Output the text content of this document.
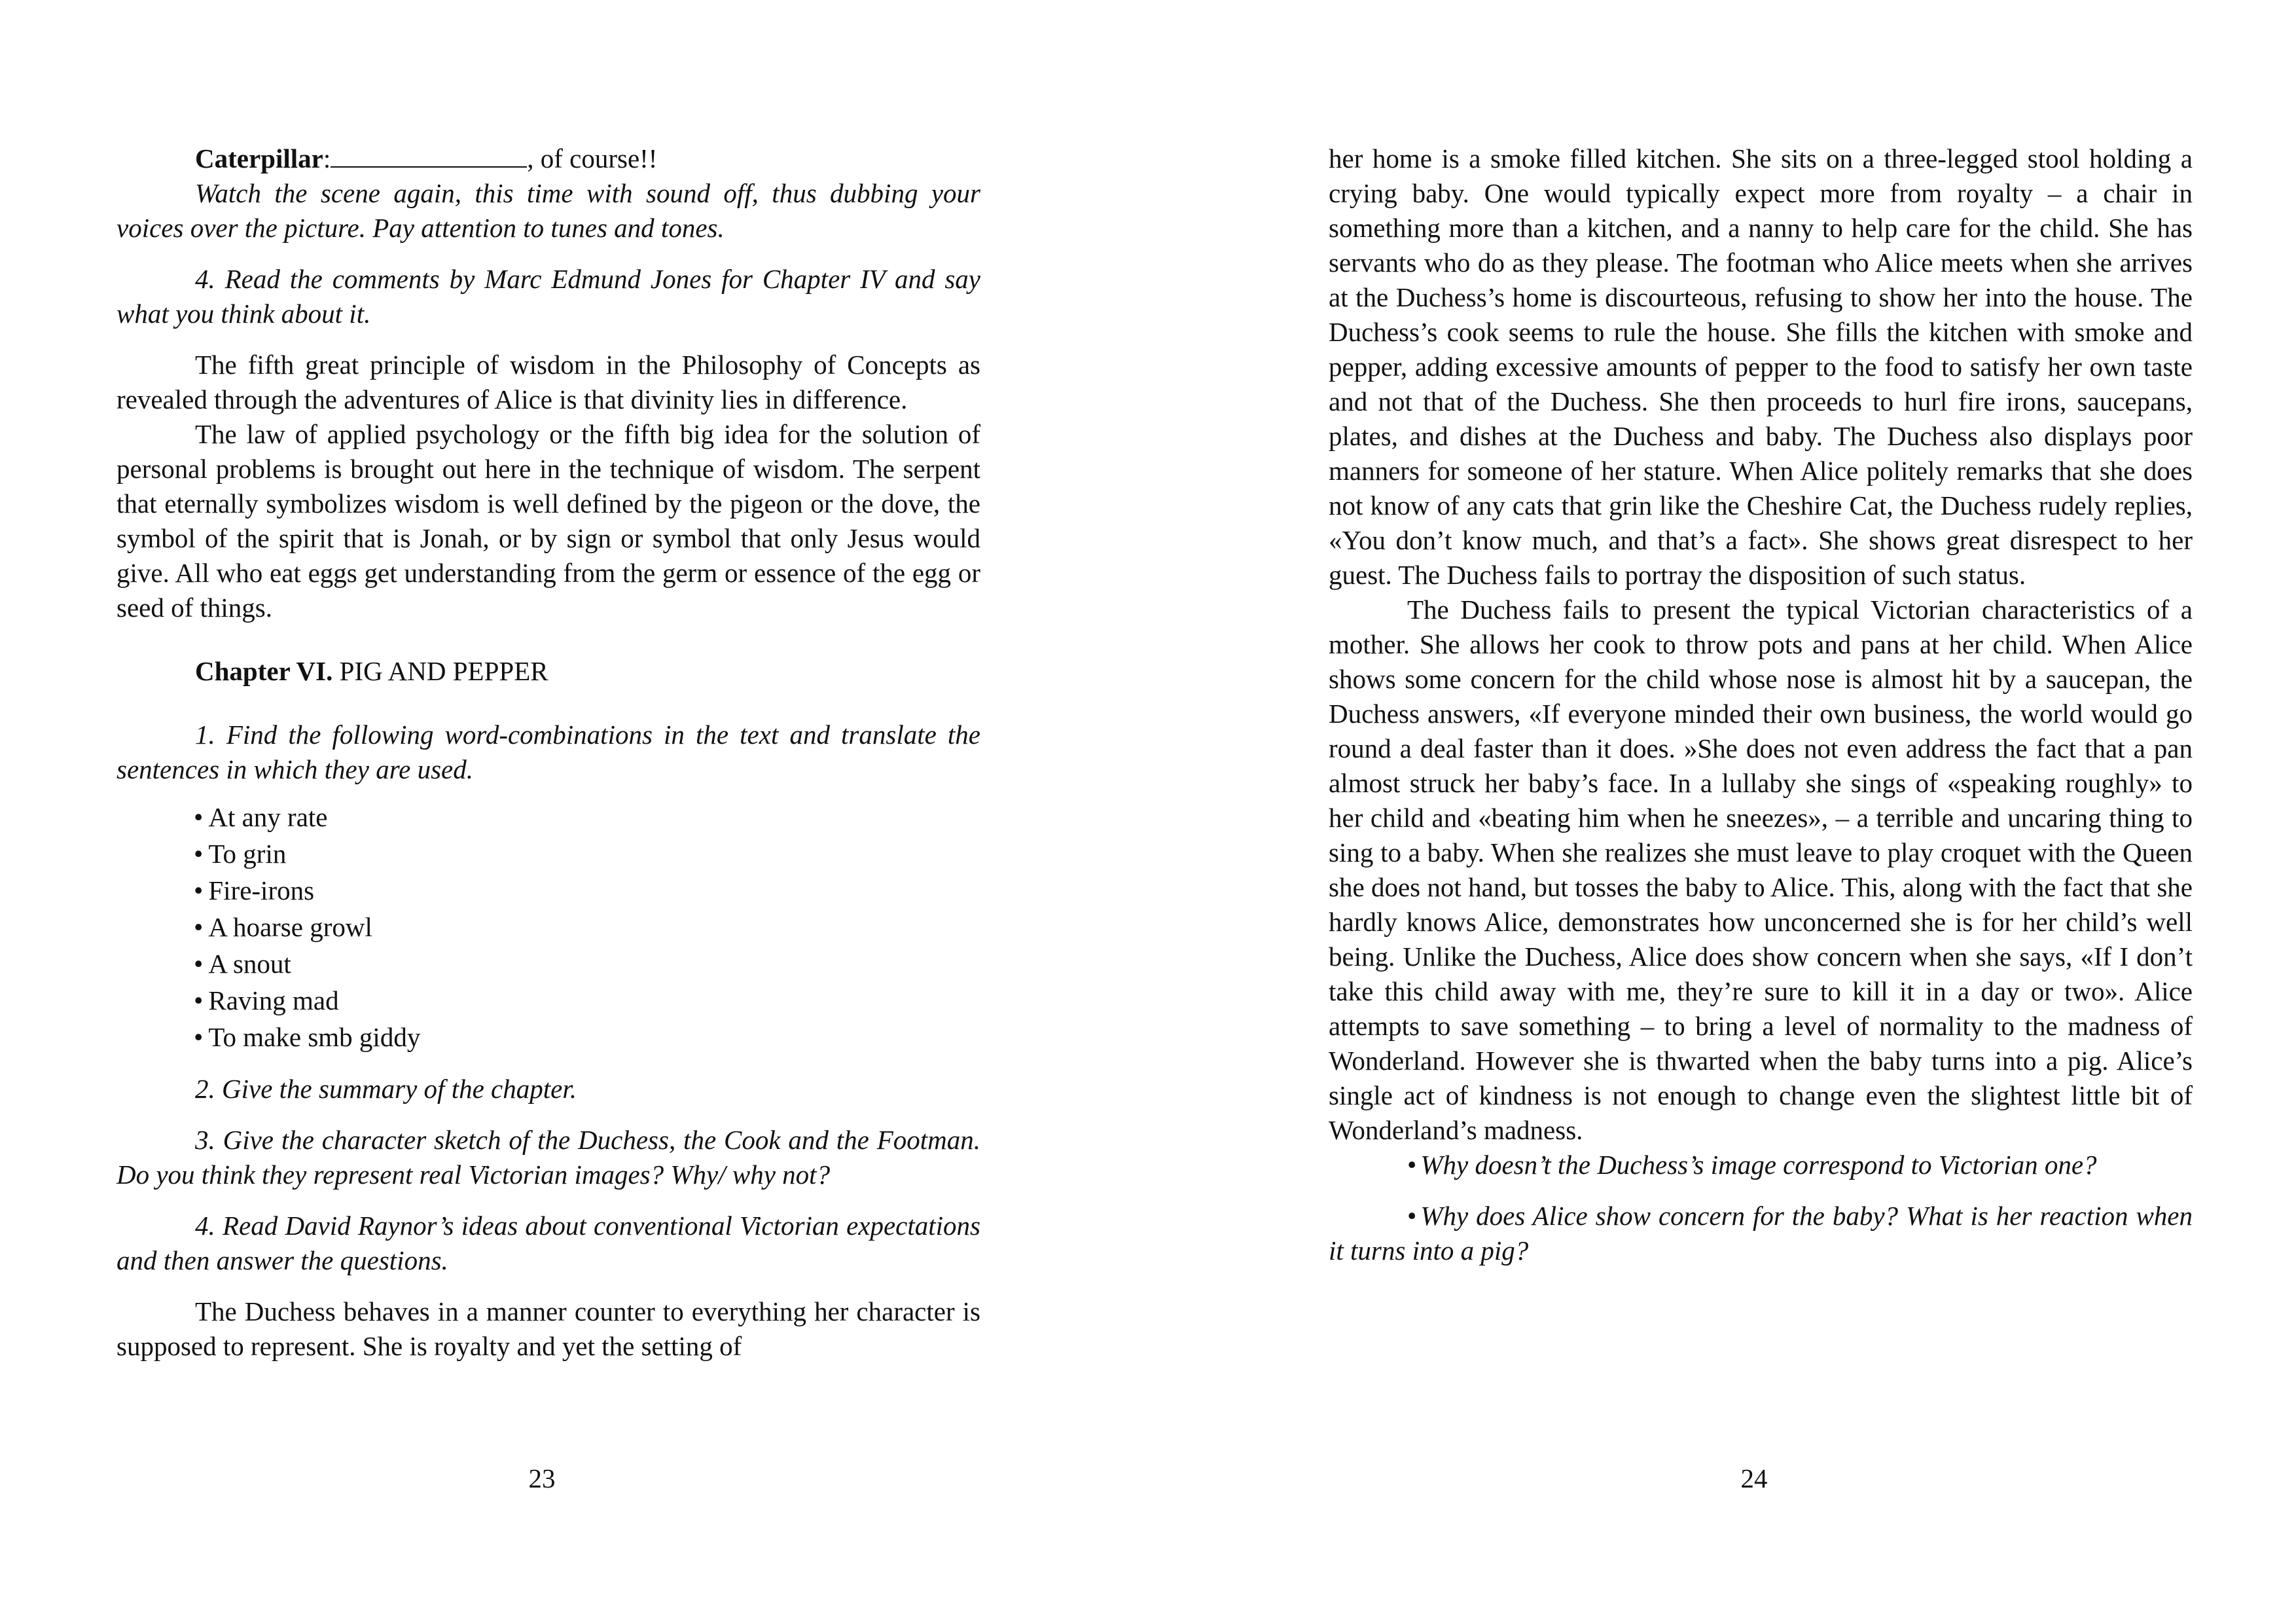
Caterpillar:	, of course!!

Watch the scene again, this time with sound off, thus dubbing your voices over the picture. Pay attention to tunes and tones.

4. Read the comments by Marc Edmund Jones for Chapter IV and say what you think about it.

The fifth great principle of wisdom in the Philosophy of Concepts as revealed through the adventures of Alice is that divinity lies in difference.

The law of applied psychology or the fifth big idea for the solution of personal problems is brought out here in the technique of wisdom. The serpent that eternally symbolizes wisdom is well defined by the pigeon or the dove, the symbol of the spirit that is Jonah, or by sign or symbol that only Jesus would give. All who eat eggs get understanding from the germ or essence of the egg or seed of things.

Chapter VI. PIG AND PEPPER

1. Find the following word-combinations in the text and translate the sentences in which they are used.

• At any rate
• To grin
• Fire-irons
• A hoarse growl
• A snout
• Raving mad
• To make smb giddy

2. Give the summary of the chapter.

3. Give the character sketch of the Duchess, the Cook and the Footman. Do you think they represent real Victorian images? Why/ why not?

4. Read David Raynor’s ideas about conventional Victorian expectations and then answer the questions.

The Duchess behaves in a manner counter to everything her character is supposed to represent. She is royalty and yet the setting of

23

her home is a smoke filled kitchen. She sits on a three-legged stool holding a crying baby. One would typically expect more from royalty – a chair in something more than a kitchen, and a nanny to help care for the child. She has servants who do as they please. The footman who Alice meets when she arrives at the Duchess’s home is discourteous, refusing to show her into the house. The Duchess’s cook seems to rule the house. She fills the kitchen with smoke and pepper, adding excessive amounts of pepper to the food to satisfy her own taste and not that of the Duchess. She then proceeds to hurl fire irons, saucepans, plates, and dishes at the Duchess and baby. The Duchess also displays poor manners for someone of her stature. When Alice politely remarks that she does not know of any cats that grin like the Cheshire Cat, the Duchess rudely replies, «You don’t know much, and that’s a fact». She shows great disrespect to her guest. The Duchess fails to portray the disposition of such status.

The Duchess fails to present the typical Victorian characteristics of a mother. She allows her cook to throw pots and pans at her child. When Alice shows some concern for the child whose nose is almost hit by a saucepan, the Duchess answers, «If everyone minded their own business, the world would go round a deal faster than it does. »She does not even address the fact that a pan almost struck her baby’s face. In a lullaby she sings of «speaking roughly» to her child and «beating him when he sneezes», – a terrible and uncaring thing to sing to a baby. When she realizes she must leave to play croquet with the Queen she does not hand, but tosses the baby to Alice. This, along with the fact that she hardly knows Alice, demonstrates how unconcerned she is for her child’s well being. Unlike the Duchess, Alice does show concern when she says, «If I don’t take this child away with me, they’re sure to kill it in a day or two». Alice attempts to save something – to bring a level of normality to the madness of Wonderland. However she is thwarted when the baby turns into a pig. Alice’s single act of kindness is not enough to change even the slightest little bit of Wonderland’s madness.

• Why doesn’t the Duchess’s image correspond to Victorian one?

• Why does Alice show concern for the baby? What is her reaction when it turns into a pig?

24
